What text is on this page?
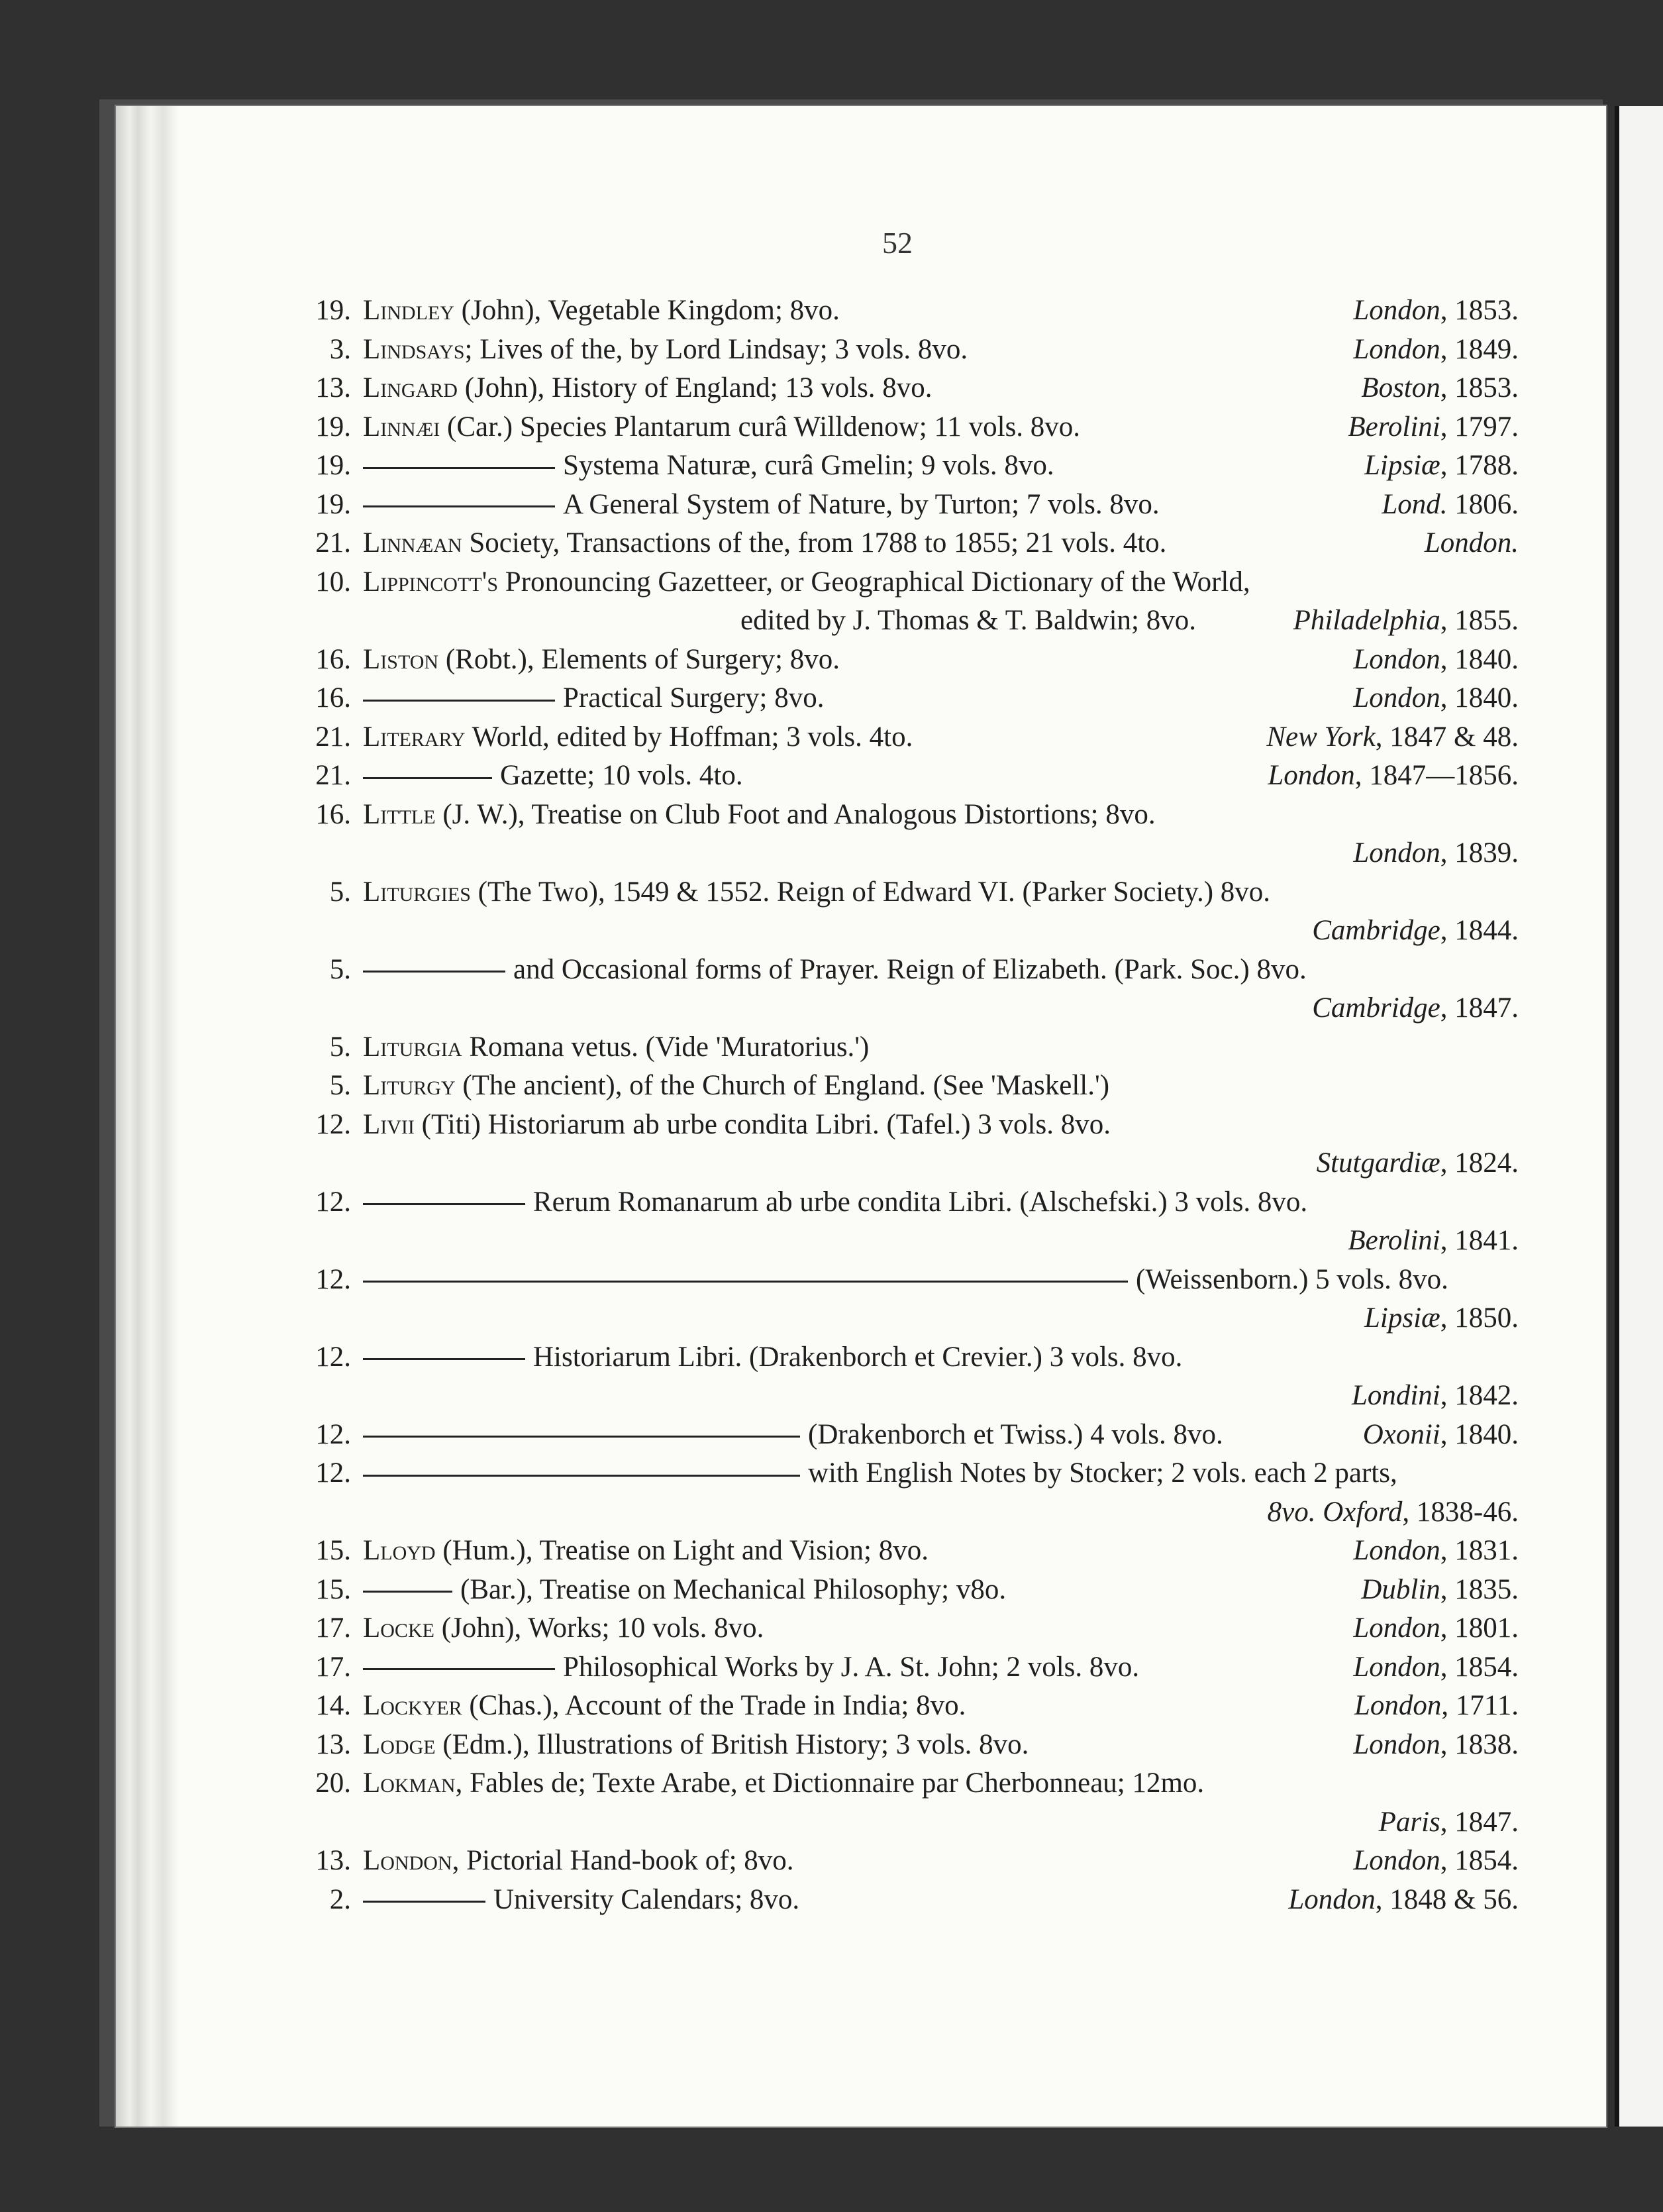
52
19. Lindley (John), Vegetable Kingdom; 8vo.	London, 1853.
3. Lindsays; Lives of the, by Lord Lindsay; 3 vols. 8vo.	London, 1849.
13. Lingard (John), History of England; 13 vols. 8vo.	Boston, 1853.
19. Linnæi (Car.) Species Plantarum curâ Willdenow; 11 vols. 8vo.	Berolini, 1797.
19.	Systema Naturæ, curâ Gmelin; 9 vols. 8vo.	Lipsiæ, 1788.
19.	A General System of Nature, by Turton; 7 vols. 8vo.	Lond. 1806.
21. Linnæan Society, Transactions of the, from 1788 to 1855; 21 vols. 4to.	London.
10. Lippincott's Pronouncing Gazetteer, or Geographical Dictionary of the World,
edited by J. Thomas & T. Baldwin; 8vo.	Philadelphia, 1855.
16. Liston (Robt.), Elements of Surgery; 8vo.	London, 1840.
16.	Practical Surgery; 8vo.	London, 1840.
21. Literary World, edited by Hoffman; 3 vols. 4to.	New York, 1847 & 48.
21.	Gazette; 10 vols. 4to.	London, 1847—1856.
16. Little (J. W.), Treatise on Club Foot and Analogous Distortions; 8vo.
London, 1839.
5. Liturgies (The Two), 1549 & 1552. Reign of Edward VI. (Parker Society.) 8vo.
Cambridge, 1844.
5.	and Occasional forms of Prayer. Reign of Elizabeth. (Park. Soc.) 8vo.
Cambridge, 1847.
5. Liturgia Romana vetus. (Vide 'Muratorius.')
5. Liturgy (The ancient), of the Church of England. (See 'Maskell.')
12. Livii (Titi) Historiarum ab urbe condita Libri. (Tafel.) 3 vols. 8vo.
Stutgardiæ, 1824.
12.	Rerum Romanarum ab urbe condita Libri. (Alschefski.) 3 vols. 8vo.
Berolini, 1841.
12.	(Weissenborn.) 5 vols. 8vo.
Lipsiæ, 1850.
12.	Historiarum Libri. (Drakenborch et Crevier.) 3 vols. 8vo.
Londini, 1842.
12.	(Drakenborch et Twiss.) 4 vols. 8vo.	Oxonii, 1840.
12.	with English Notes by Stocker; 2 vols. each 2 parts,
8vo. Oxford, 1838-46.
15. Lloyd (Hum.), Treatise on Light and Vision; 8vo.	London, 1831.
15.	(Bar.), Treatise on Mechanical Philosophy; v8o.	Dublin, 1835.
17. Locke (John), Works; 10 vols. 8vo.	London, 1801.
17.	Philosophical Works by J. A. St. John; 2 vols. 8vo.	London, 1854.
14. Lockyer (Chas.), Account of the Trade in India; 8vo.	London, 1711.
13. Lodge (Edm.), Illustrations of British History; 3 vols. 8vo.	London, 1838.
20. Lokman, Fables de; Texte Arabe, et Dictionnaire par Cherbonneau; 12mo.
Paris, 1847.
13. London, Pictorial Hand-book of; 8vo.	London, 1854.
2.	University Calendars; 8vo.	London, 1848 & 56.
